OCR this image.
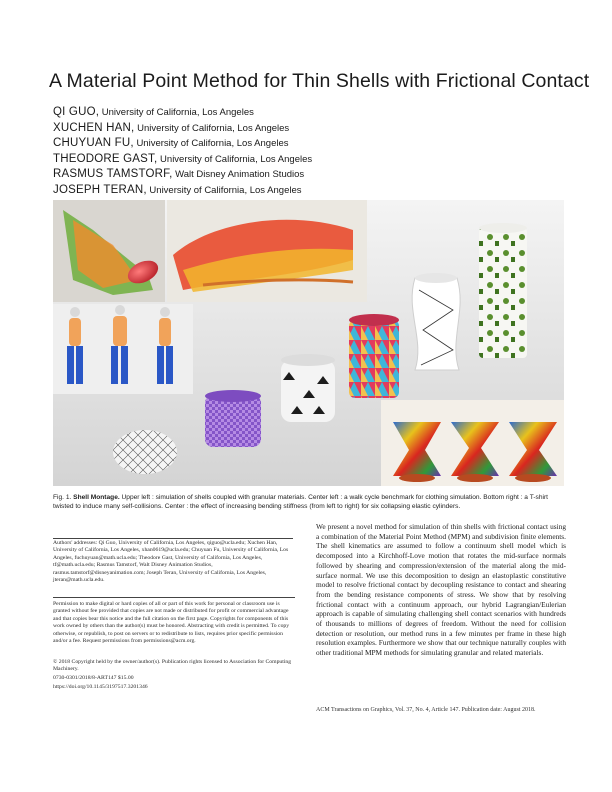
A Material Point Method for Thin Shells with Frictional Contact
QI GUO, University of California, Los Angeles
XUCHEN HAN, University of California, Los Angeles
CHUYUAN FU, University of California, Los Angeles
THEODORE GAST, University of California, Los Angeles
RASMUS TAMSTORF, Walt Disney Animation Studios
JOSEPH TERAN, University of California, Los Angeles
Fig. 1. Shell Montage. Upper left : simulation of shells coupled with granular materials. Center left : a walk cycle benchmark for clothing simulation. Bottom right : a T-shirt twisted to induce many self-collisions. Center : the effect of increasing bending stiffness (from left to right) for six collapsing elastic cylinders.
We present a novel method for simulation of thin shells with frictional contact using a combination of the Material Point Method (MPM) and subdivision finite elements. The shell kinematics are assumed to follow a continuum shell model which is decomposed into a Kirchhoff-Love motion that rotates the mid-surface normals followed by shearing and compression/extension of the material along the mid-surface normal. We use this decomposition to design an elastoplastic constitutive model to resolve frictional contact by decoupling resistance to contact and shearing from the bending resistance components of stress. We show that by resolving frictional contact with a continuum approach, our hybrid Lagrangian/Eulerian approach is capable of simulating challenging shell contact scenarios with hundreds of thousands to millions of degrees of freedom. Without the need for collision detection or resolution, our method runs in a few minutes per frame in these high resolution examples. Furthermore we show that our technique naturally couples with other traditional MPM methods for simulating granular and related materials.
Authors' addresses: Qi Guo, University of California, Los Angeles, qiguo@ucla.edu; Xuchen Han, University of California, Los Angeles, xhan0619@ucla.edu; Chuyuan Fu, University of California, Los Angeles, fuchuyuan@math.ucla.edu; Theodore Gast, University of California, Los Angeles, tf@math.ucla.edu; Rasmus Tamstorf, Walt Disney Animation Studios, rasmus.tamstorf@disneyanimation.com; Joseph Teran, University of California, Los Angeles, jteran@math.ucla.edu.
Permission to make digital or hard copies of all or part of this work for personal or classroom use is granted without fee provided that copies are not made or distributed for profit or commercial advantage and that copies bear this notice and the full citation on the first page. Copyrights for components of this work owned by others than the author(s) must be honored. Abstracting with credit is permitted. To copy otherwise, or republish, to post on servers or to redistribute to lists, requires prior specific permission and/or a fee. Request permissions from permissions@acm.org.
© 2018 Copyright held by the owner/author(s). Publication rights licensed to Association for Computing Machinery.
0730-0301/2018/8-ART147 $15.00
https://doi.org/10.1145/3197517.3201346
ACM Transactions on Graphics, Vol. 37, No. 4, Article 147. Publication date: August 2018.
